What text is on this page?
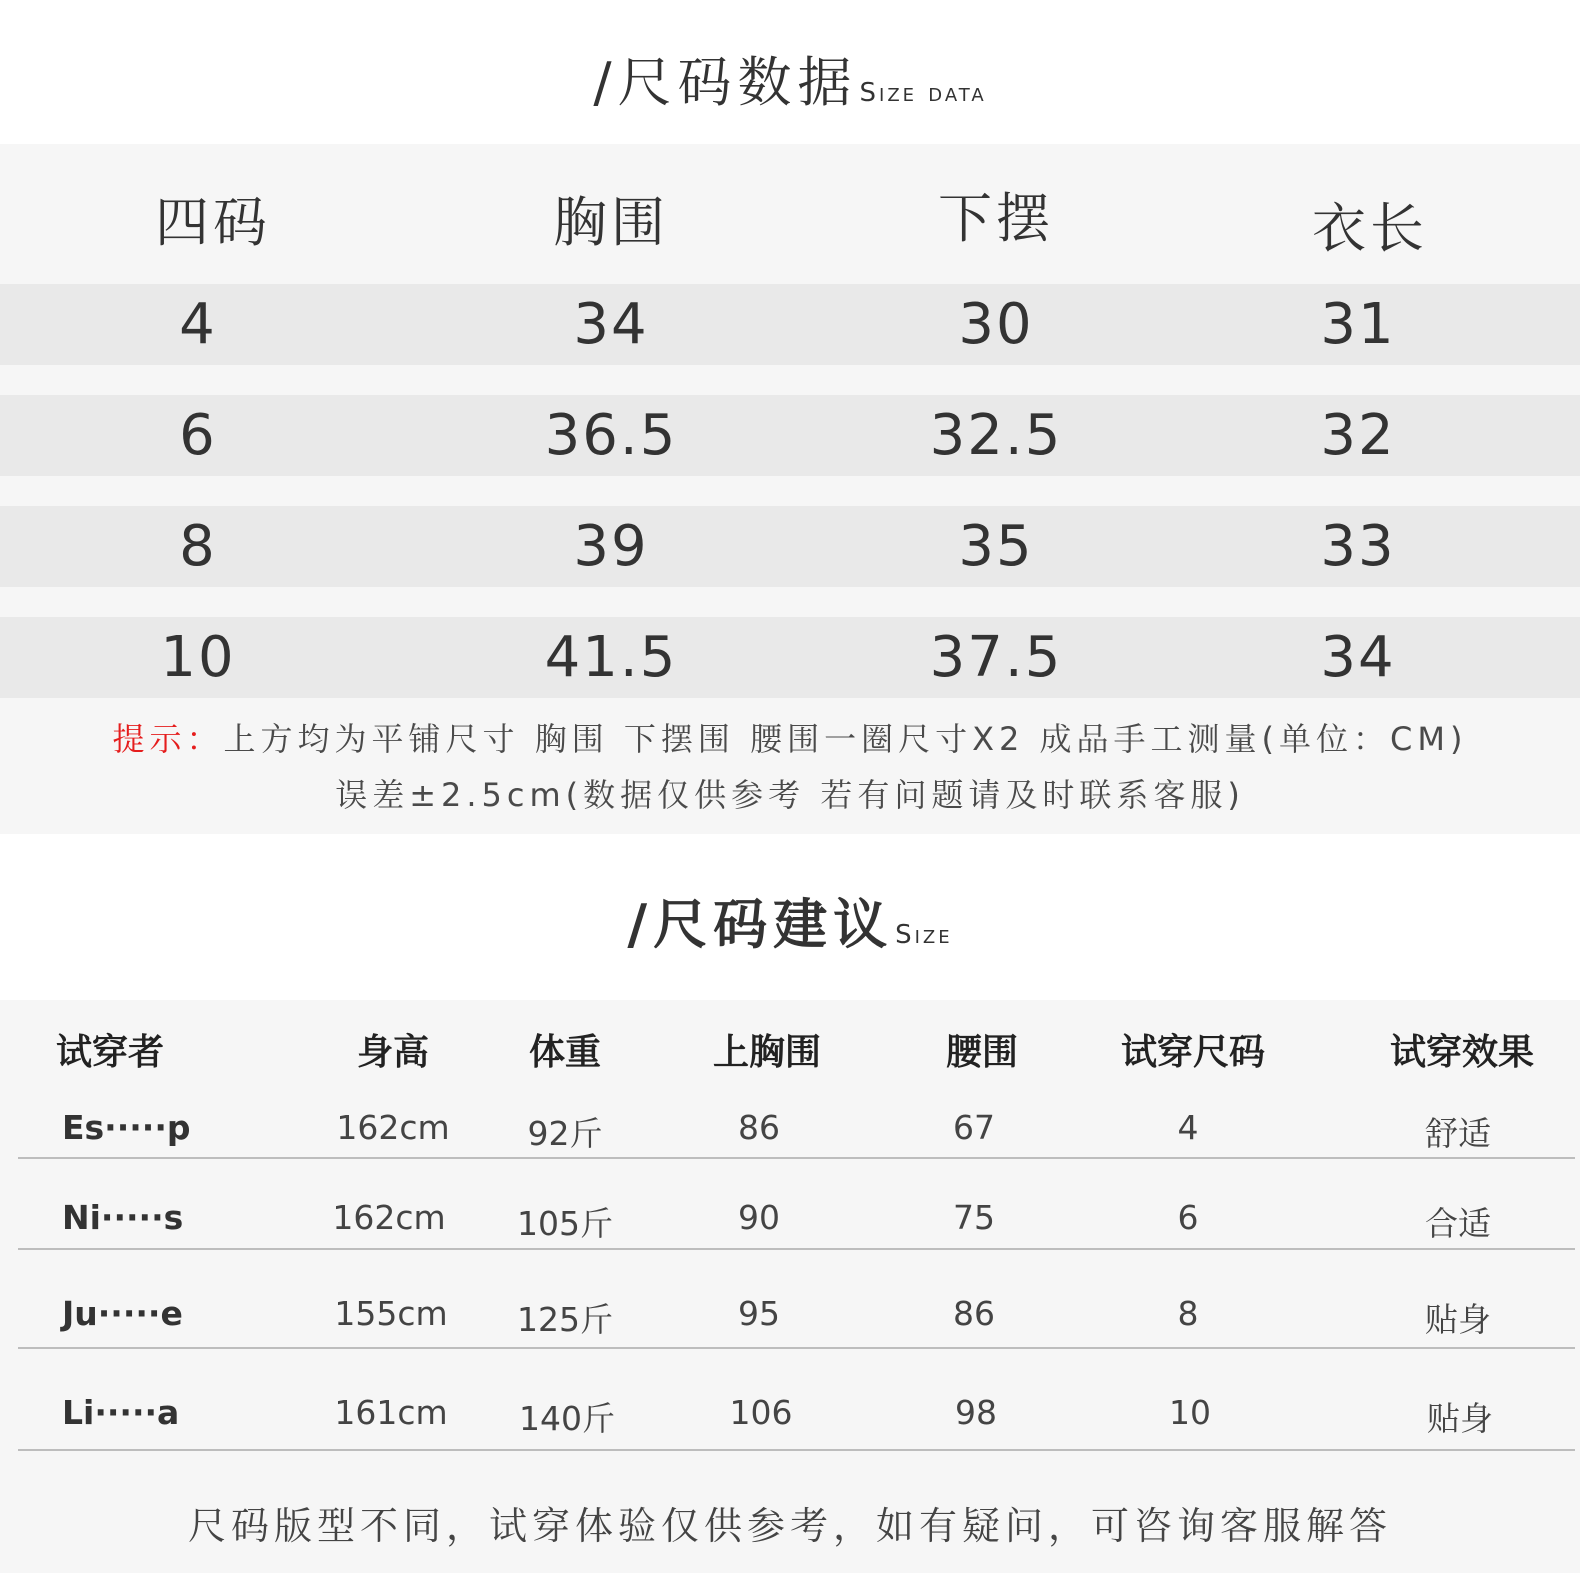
/尺码数据Size data
四码	胸围	下摆	衣长
4	34	30	31
6	36.5	32.5	32
8	39	35	33
10	41.5	37.5	34
提示：上方均为平铺尺寸 胸围 下摆围 腰围一圈尺寸X2 成品手工测量(单位：CM)
误差±2.5cm(数据仅供参考 若有问题请及时联系客服)
/尺码建议Size
试穿者	身高	体重	上胸围	腰围	试穿尺码	试穿效果
Es·····p	162cm	92斤	86	67	4	舒适
Ni·····s	162cm	105斤	90	75	6	合适
Ju·····e	155cm	125斤	95	86	8	贴身
Li·····a	161cm	140斤	106	98	10	贴身
尺码版型不同，试穿体验仅供参考，如有疑问，可咨询客服解答
